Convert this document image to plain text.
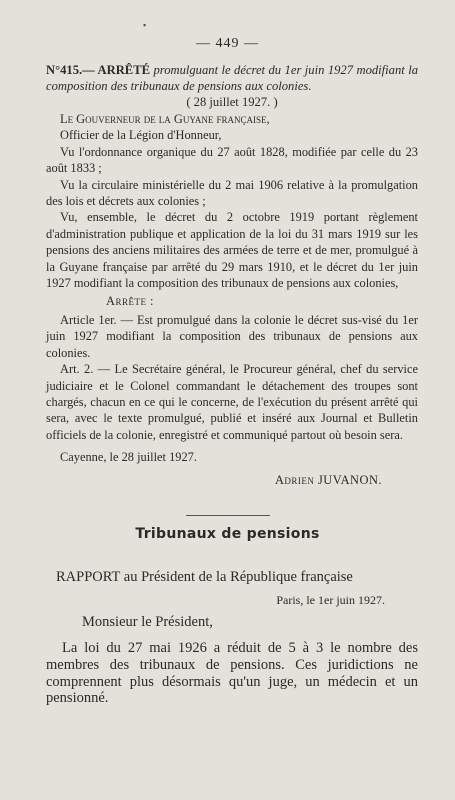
▪
— 449 —
N°415.— ARRÊTÉ promulguant le décret du 1er juin 1927 modifiant la composition des tribunaux de pensions aux colonies.
( 28 juillet 1927. )
Le Gouverneur de la Guyane française,
Officier de la Légion d'Honneur,
Vu l'ordonnance organique du 27 août 1828, modifiée par celle du 23 août 1833 ;
Vu la circulaire ministérielle du 2 mai 1906 relative à la promulgation des lois et décrets aux colonies ;
Vu, ensemble, le décret du 2 octobre 1919 portant règlement d'administration publique et application de la loi du 31 mars 1919 sur les pensions des anciens militaires des armées de terre et de mer, promulgué à la Guyane française par arrêté du 29 mars 1910, et le décret du 1er juin 1927 modifiant la composition des tribunaux de pensions aux colonies,
Arrête :
Article 1er. — Est promulgué dans la colonie le décret sus-visé du 1er juin 1927 modifiant la composition des tribunaux de pensions aux colonies.
Art. 2. — Le Secrétaire général, le Procureur général, chef du service judiciaire et le Colonel commandant le détachement des troupes sont chargés, chacun en ce qui le concerne, de l'exécution du présent arrêté qui sera, avec le texte promulgué, publié et inséré aux Journal et Bulletin officiels de la colonie, enregistré et communiqué partout où besoin sera.
Cayenne, le 28 juillet 1927.
Adrien JUVANON.
Tribunaux de pensions
RAPPORT au Président de la République française
Paris, le 1er juin 1927.
Monsieur le Président,
La loi du 27 mai 1926 a réduit de 5 à 3 le nombre des membres des tribunaux de pensions. Ces juridictions ne comprennent plus désormais qu'un juge, un médecin et un pensionné.
